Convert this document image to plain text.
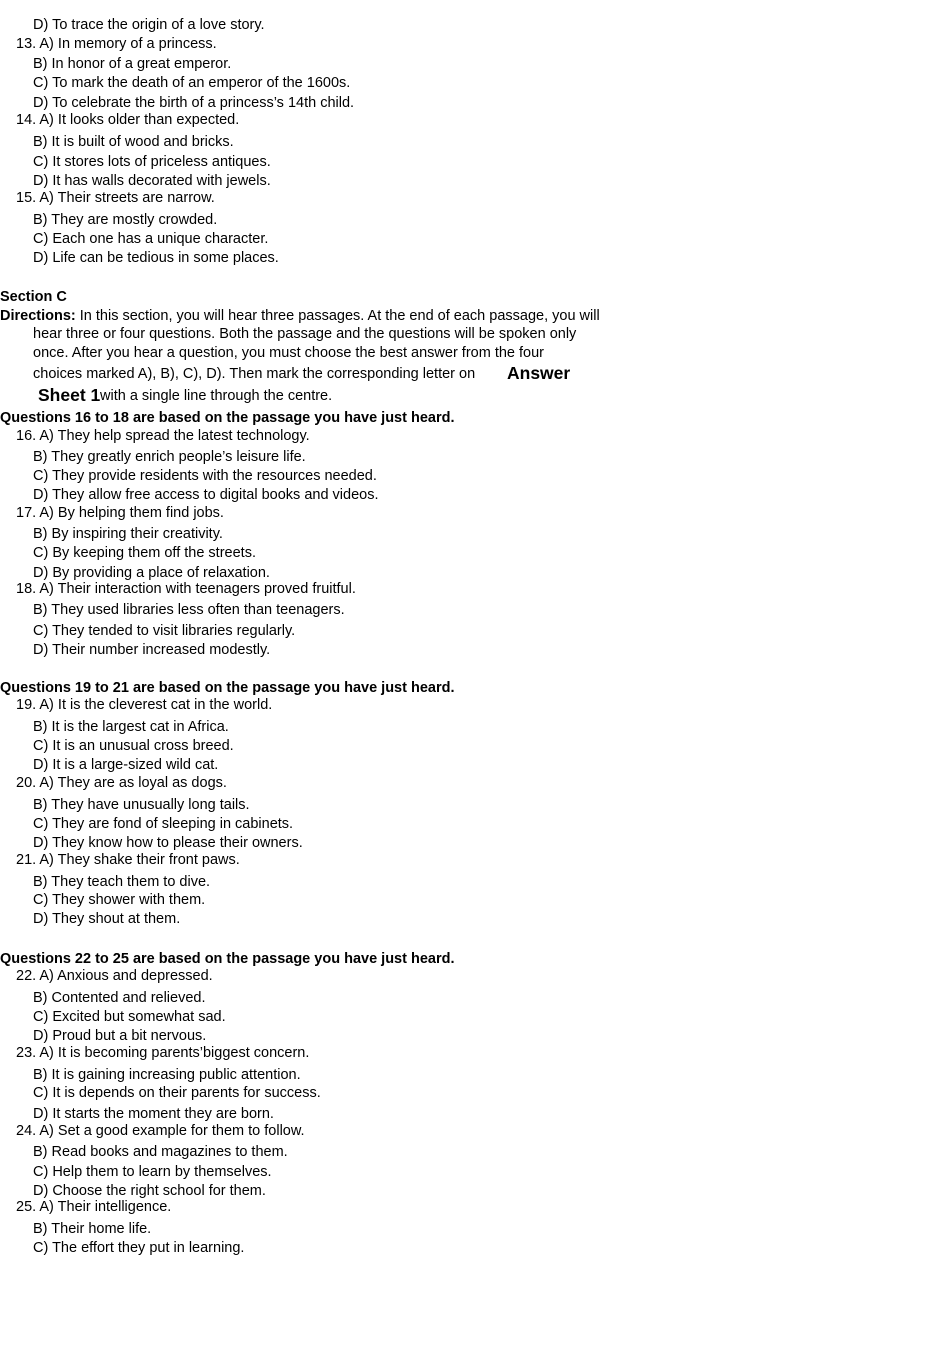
D) To trace the origin of a love story.
13. A) In memory of a princess.
B) In honor of a great emperor.
C) To mark the death of an emperor of the 1600s.
D) To celebrate the birth of a princess’s 14th child.
14. A) It looks older than expected.
B) It is built of wood and bricks.
C) It stores lots of priceless antiques.
D) It has walls decorated with jewels.
15. A) Their streets are narrow.
B) They are mostly crowded.
C) Each one has a unique character.
D) Life can be tedious in some places.
Section C
Directions: In this section, you will hear three passages. At the end of each passage, you will
hear three or four questions. Both the passage and the questions will be spoken only
once. After you hear a question, you must choose the best answer from the four
choices marked A), B), C), D). Then mark the corresponding letter on Answer
Sheet 1 with a single line through the centre.
Questions 16 to 18 are based on the passage you have just heard.
16. A) They help spread the latest technology.
B) They greatly enrich people’s leisure life.
C) They provide residents with the resources needed.
D) They allow free access to digital books and videos.
17. A) By helping them find jobs.
B) By inspiring their creativity.
C) By keeping them off the streets.
D) By providing a place of relaxation.
18. A) Their interaction with teenagers proved fruitful.
B) They used libraries less often than teenagers.
C) They tended to visit libraries regularly.
D) Their number increased modestly.
Questions 19 to 21 are based on the passage you have just heard.
19. A) It is the cleverest cat in the world.
B) It is the largest cat in Africa.
C) It is an unusual cross breed.
D) It is a large-sized wild cat.
20. A) They are as loyal as dogs.
B) They have unusually long tails.
C) They are fond of sleeping in cabinets.
D) They know how to please their owners.
21. A) They shake their front paws.
B) They teach them to dive.
C) They shower with them.
D) They shout at them.
Questions 22 to 25 are based on the passage you have just heard.
22. A) Anxious and depressed.
B) Contented and relieved.
C) Excited but somewhat sad.
D) Proud but a bit nervous.
23. A) It is becoming parents’biggest concern.
B) It is gaining increasing public attention.
C) It is depends on their parents for success.
D) It starts the moment they are born.
24. A) Set a good example for them to follow.
B) Read books and magazines to them.
C) Help them to learn by themselves.
D) Choose the right school for them.
25. A) Their intelligence.
B) Their home life.
C) The effort they put in learning.
